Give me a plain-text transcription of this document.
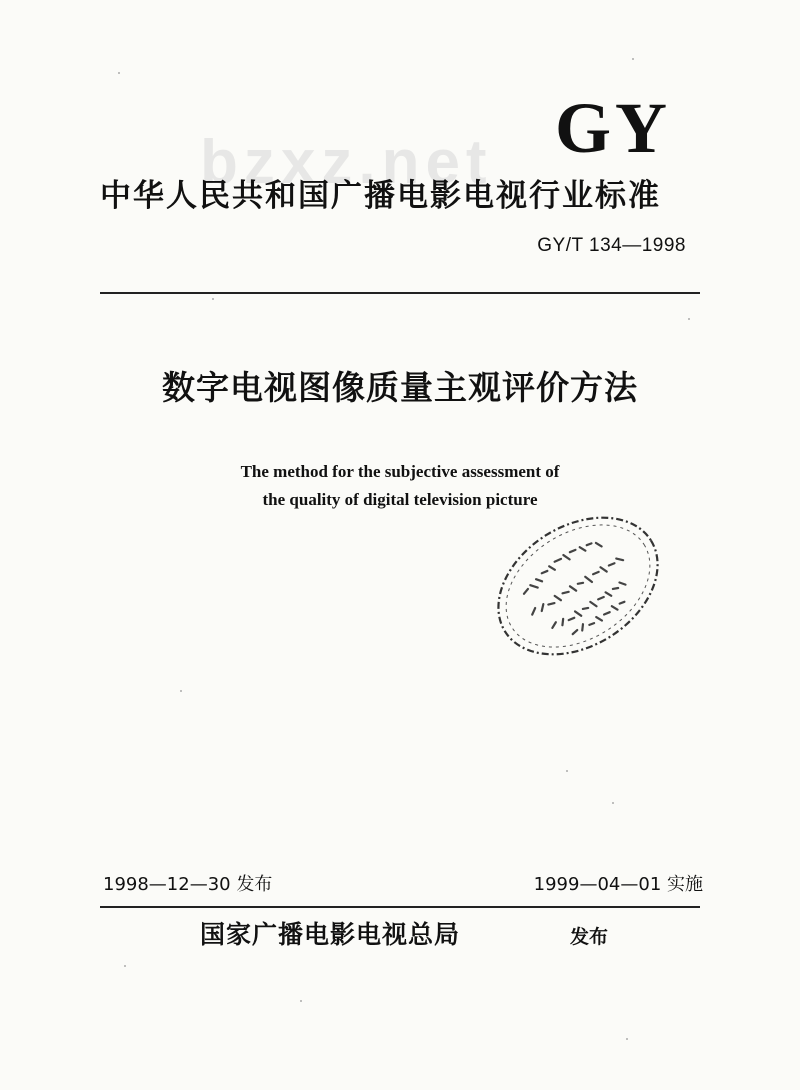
GY
bzxz.net
中华人民共和国广播电影电视行业标准
GY/T 134—1998
数字电视图像质量主观评价方法
The method for the subjective assessment of
the quality of digital television picture
1998—12—30 发布	1999—04—01 实施
国家广播电影电视总局	发布
